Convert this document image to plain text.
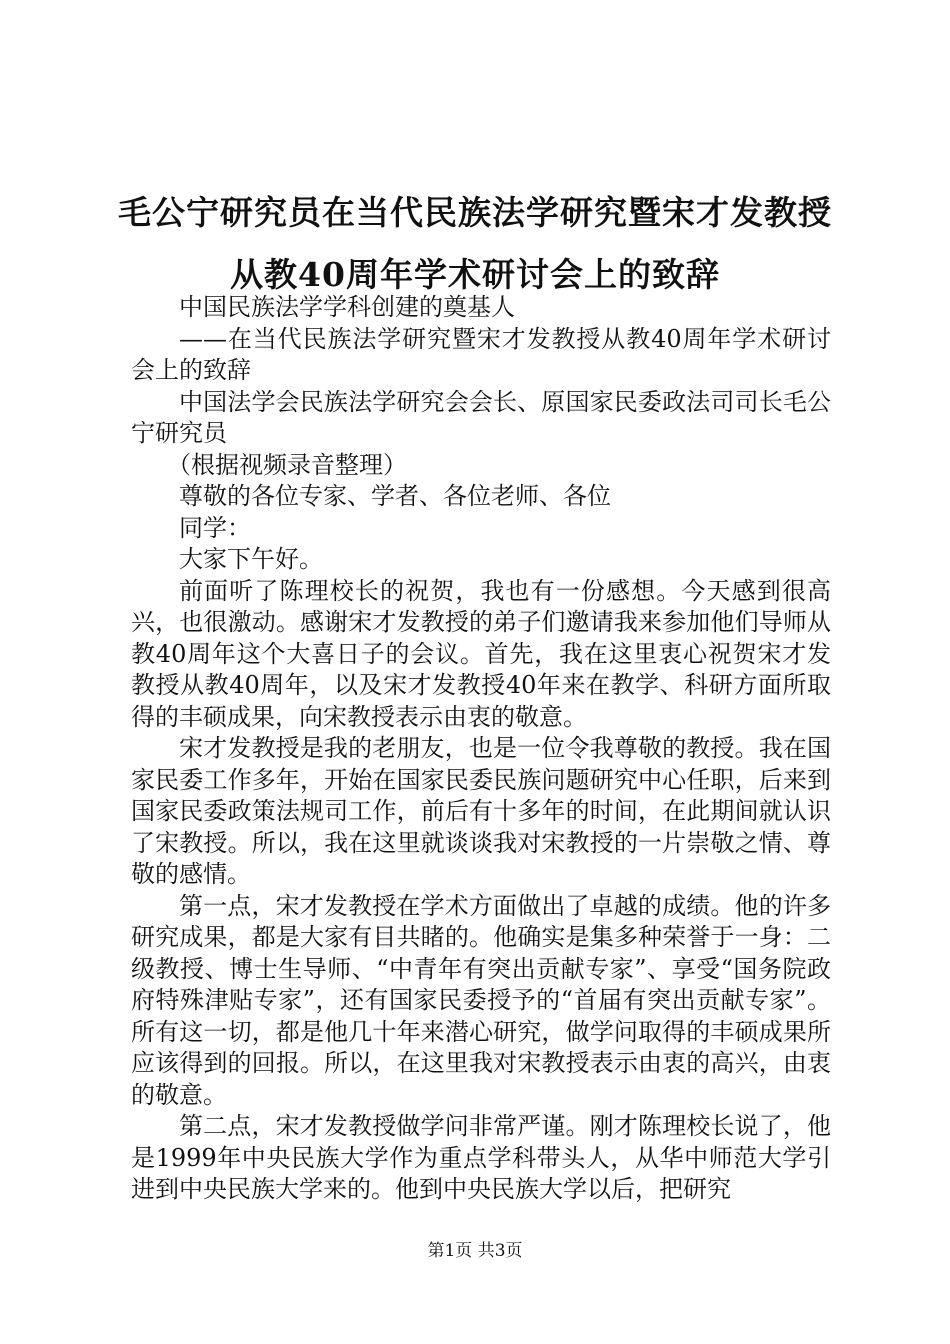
毛公宁研究员在当代民族法学研究暨宋才发教授从教40周年学术研讨会上的致辞

中国民族法学学科创建的奠基人

——在当代民族法学研究暨宋才发教授从教40周年学术研讨会上的致辞

中国法学会民族法学研究会会长、原国家民委政法司司长毛公宁研究员

（根据视频录音整理）

尊敬的各位专家、学者、各位老师、各位

同学：

大家下午好。

前面听了陈理校长的祝贺，我也有一份感想。今天感到很高兴，也很激动。感谢宋才发教授的弟子们邀请我来参加他们导师从教40周年这个大喜日子的会议。首先，我在这里衷心祝贺宋才发教授从教40周年，以及宋才发教授40年来在教学、科研方面所取得的丰硕成果，向宋教授表示由衷的敬意。

宋才发教授是我的老朋友，也是一位令我尊敬的教授。我在国家民委工作多年，开始在国家民委民族问题研究中心任职，后来到国家民委政策法规司工作，前后有十多年的时间，在此期间就认识了宋教授。所以，我在这里就谈谈我对宋教授的一片崇敬之情、尊敬的感情。

第一点，宋才发教授在学术方面做出了卓越的成绩。他的许多研究成果，都是大家有目共睹的。他确实是集多种荣誉于一身：二级教授、博士生导师、“中青年有突出贡献专家”、享受“国务院政府特殊津贴专家”，还有国家民委授予的“首届有突出贡献专家”。所有这一切，都是他几十年来潜心研究，做学问取得的丰硕成果所应该得到的回报。所以，在这里我对宋教授表示由衷的高兴，由衷的敬意。

第二点，宋才发教授做学问非常严谨。刚才陈理校长说了，他是1999年中央民族大学作为重点学科带头人，从华中师范大学引进到中央民族大学来的。他到中央民族大学以后，把研究

第1页 共3页
